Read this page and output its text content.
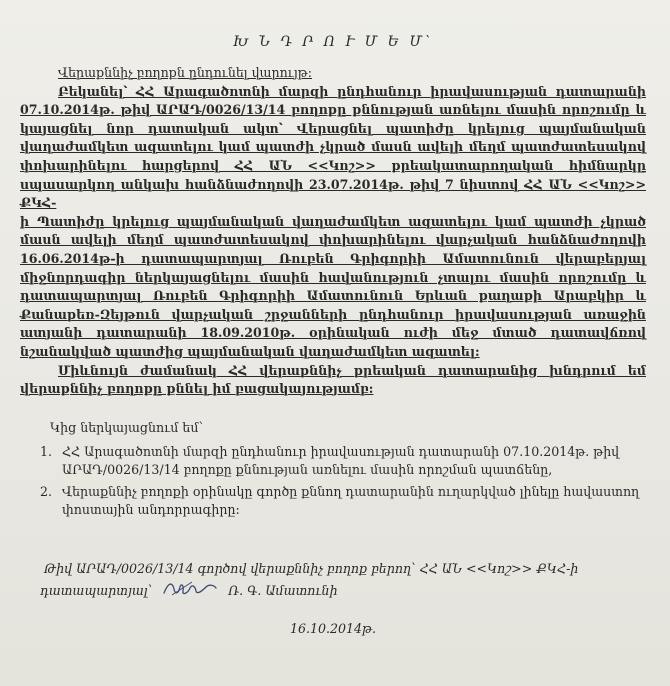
Խ Ն Դ Ր Ո Ւ Մ Ե Մ՝
Վերաքննիչ բողոքն ընդունել վարույթ:
Բեկանել՝ ՀՀ Արագածոտնի մարզի ընդհանուր իրավասության դատարանի
07.10.2014թ. թիվ ԱՐԱԴ/0026/13/14 բողոքը քննության առնելու մասին որոշումը և
կայացնել նոր դատական ակտ՝ Վերացնել պատիժը կրելուց պայմանական
վաղաժամկետ ազատելու կամ պատժի չկրած մասն ավելի մեղմ պատժատեսակով
փոխարինելու հարցերով ՀՀ ԱՆ <<Կոշ>> քրեակատարողական հիմնարկը
սպասարկող անկախ հանձնաժողովի 23.07.2014թ. թիվ 7 նիստով ՀՀ ԱՆ <<Կոշ>> ՔԿՀ-
ի Պատիժը կրելուց պայմանական վաղաժամկետ ազատելու կամ պատժի չկրած
մասն ավելի մեղմ պատժատեսակով փոխարինելու վարչական հանձնաժողովի
16.06.2014թ-ի դատապարտյալ Ռուբեն Գրիգորիի Ամատունուն վերաբերյալ
միջնորդագիր ներկայացնելու մասին հավանություն չտալու մասին որոշումը և
դատապարտյալ Ռուբեն Գրիգորիի Ամատունուն Երևան քաղաքի Արաբկիր և
Քանաքեռ-Զեյթուն վարչական շրջանների ընդհանուր իրավասության առաջին
ատյանի դատարանի 18.09.2010թ. օրինական ուժի մեջ մտած դատավճռով
նշանակված պատժից պայմանական վաղաժամկետ ազատել:
Միևնույն ժամանակ ՀՀ վերաքննիչ քրեական դատարանից խնդրում եմ
վերաքննիչ բողոքը քննել իմ բացակայությամբ:
Կից ներկայացնում եմ՝
1. ՀՀ Արագածոտնի մարզի ընդհանուր իրավասության դատարանի 07.10.2014թ. թիվ ԱՐԱԴ/0026/13/14 բողոքը քննության առնելու մասին որոշման պատճենը,
2. Վերաքննիչ բողոքի օրինակը գործը քննող դատարանին ուղարկված լինելը հավաստող փոստային անդորրագիրը:
Թիվ ԱՐԱԴ/0026/13/14 գործով վերաքննիչ բողոք բերող՝ ՀՀ ԱՆ <<Կոշ>> ՔԿՀ-ի
դատապարտյալ՝	Ռ. Գ. Ամատունի
16.10.2014թ.
